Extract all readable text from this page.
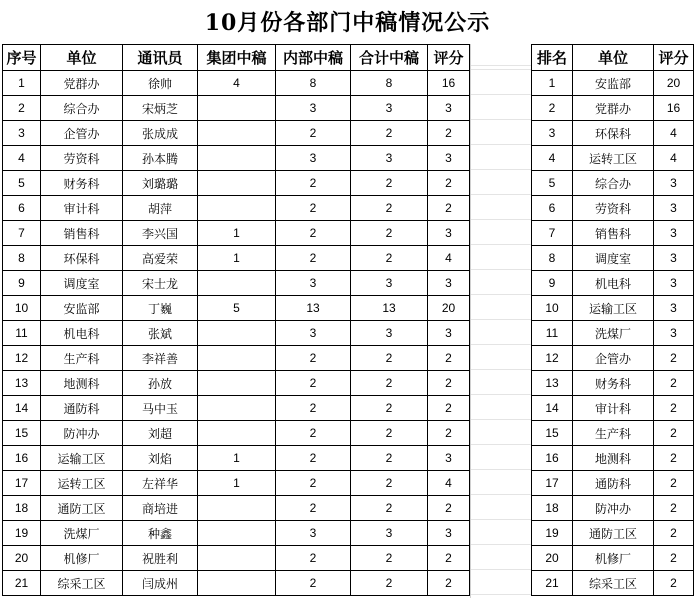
10月份各部门中稿情况公示
序号	单位	通讯员	集团中稿	内部中稿	合计中稿	评分
1	党群办	徐帅	4	8	8	16
2	综合办	宋炳芝		3	3	3
3	企管办	张成成		2	2	2
4	劳资科	孙本腾		3	3	3
5	财务科	刘璐璐		2	2	2
6	审计科	胡萍		2	2	2
7	销售科	李兴国	1	2	2	3
8	环保科	高爱荣	1	2	2	4
9	调度室	宋士龙		3	3	3
10	安监部	丁巍	5	13	13	20
11	机电科	张斌		3	3	3
12	生产科	李祥善		2	2	2
13	地测科	孙放		2	2	2
14	通防科	马中玉		2	2	2
15	防冲办	刘超		2	2	2
16	运输工区	刘焰	1	2	2	3
17	运转工区	左祥华	1	2	2	4
18	通防工区	商培进		2	2	2
19	洗煤厂	种鑫		3	3	3
20	机修厂	祝胜利		2	2	2
21	综采工区	闫成州		2	2	2
排名	单位	评分
1	安监部	20
2	党群办	16
3	环保科	4
4	运转工区	4
5	综合办	3
6	劳资科	3
7	销售科	3
8	调度室	3
9	机电科	3
10	运输工区	3
11	洗煤厂	3
12	企管办	2
13	财务科	2
14	审计科	2
15	生产科	2
16	地测科	2
17	通防科	2
18	防冲办	2
19	通防工区	2
20	机修厂	2
21	综采工区	2
